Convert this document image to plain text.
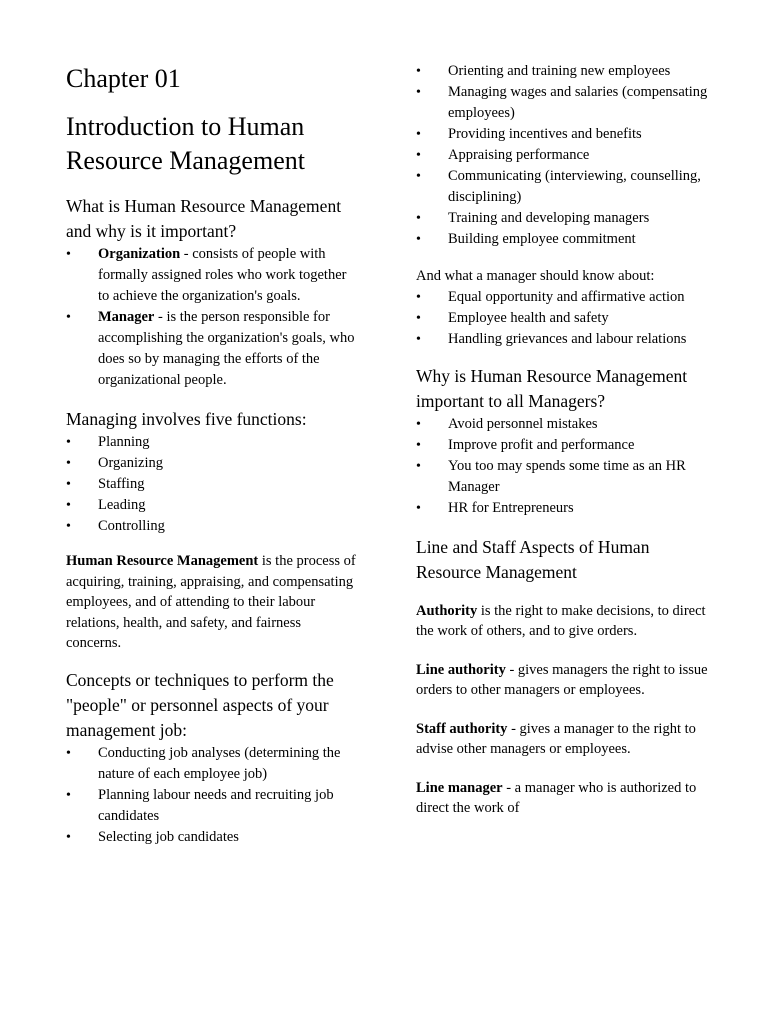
Chapter 01
Introduction to Human Resource Management

What is Human Resource Management and why is it important?

• Organization - consists of people with formally assigned roles who work together to achieve the organization's goals.
• Manager - is the person responsible for accomplishing the organization's goals, who does so by managing the efforts of the organizational people.

Managing involves five functions:

• Planning
• Organizing
• Staffing
• Leading
• Controlling

Human Resource Management is the process of acquiring, training, appraising, and compensating employees, and of attending to their labour relations, health, and safety, and fairness concerns.

Concepts or techniques to perform the "people" or personnel aspects of your management job:

• Conducting job analyses (determining the nature of each employee job)
• Planning labour needs and recruiting job candidates
• Selecting job candidates
• Orienting and training new employees
• Managing wages and salaries (compensating employees)
• Providing incentives and benefits
• Appraising performance
• Communicating (interviewing, counselling, disciplining)
• Training and developing managers
• Building employee commitment

And what a manager should know about:

• Equal opportunity and affirmative action
• Employee health and safety
• Handling grievances and labour relations

Why is Human Resource Management important to all Managers?

• Avoid personnel mistakes
• Improve profit and performance
• You too may spends some time as an HR Manager
• HR for Entrepreneurs

Line and Staff Aspects of Human Resource Management

Authority is the right to make decisions, to direct the work of others, and to give orders.

Line authority - gives managers the right to issue orders to other managers or employees.

Staff authority - gives a manager to the right to advise other managers or employees.

Line manager - a manager who is authorized to direct the work of
